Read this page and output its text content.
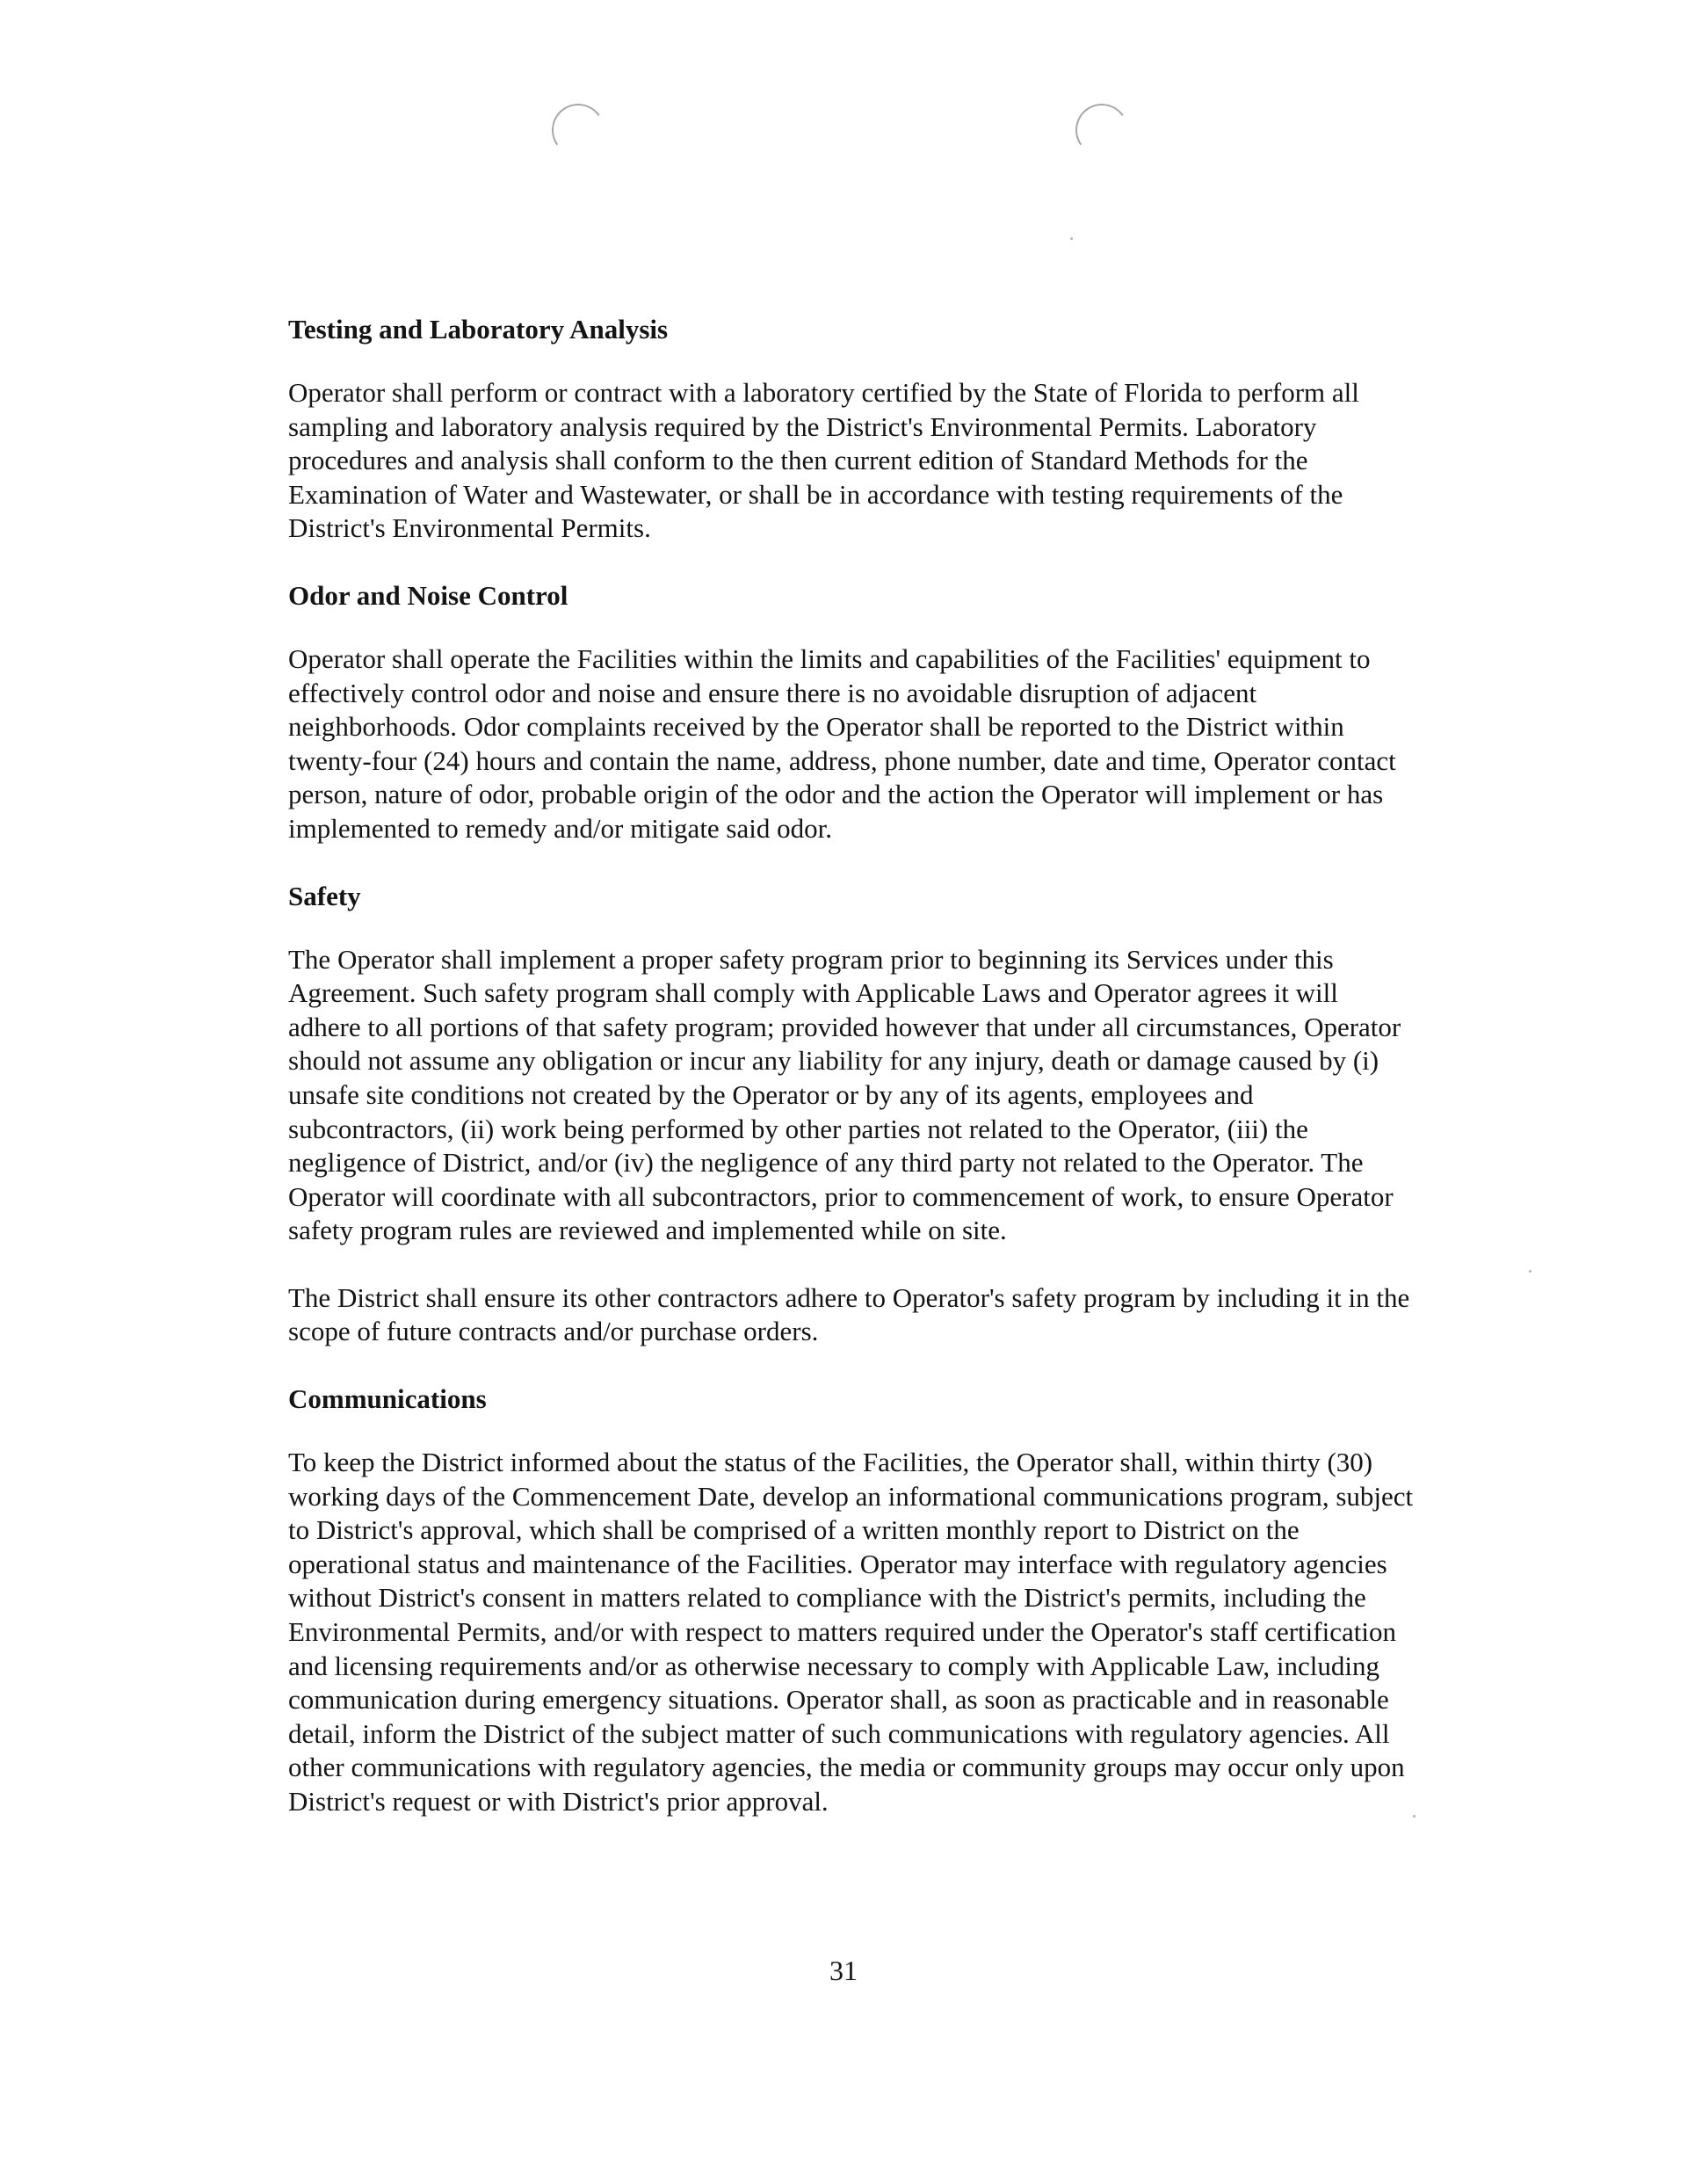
Testing and Laboratory Analysis

Operator shall perform or contract with a laboratory certified by the State of Florida to perform all sampling and laboratory analysis required by the District's Environmental Permits. Laboratory procedures and analysis shall conform to the then current edition of Standard Methods for the Examination of Water and Wastewater, or shall be in accordance with testing requirements of the District's Environmental Permits.

Odor and Noise Control

Operator shall operate the Facilities within the limits and capabilities of the Facilities' equipment to effectively control odor and noise and ensure there is no avoidable disruption of adjacent neighborhoods. Odor complaints received by the Operator shall be reported to the District within twenty-four (24) hours and contain the name, address, phone number, date and time, Operator contact person, nature of odor, probable origin of the odor and the action the Operator will implement or has implemented to remedy and/or mitigate said odor.

Safety

The Operator shall implement a proper safety program prior to beginning its Services under this Agreement. Such safety program shall comply with Applicable Laws and Operator agrees it will adhere to all portions of that safety program; provided however that under all circumstances, Operator should not assume any obligation or incur any liability for any injury, death or damage caused by (i) unsafe site conditions not created by the Operator or by any of its agents, employees and subcontractors, (ii) work being performed by other parties not related to the Operator, (iii) the negligence of District, and/or (iv) the negligence of any third party not related to the Operator. The Operator will coordinate with all subcontractors, prior to commencement of work, to ensure Operator safety program rules are reviewed and implemented while on site.

The District shall ensure its other contractors adhere to Operator's safety program by including it in the scope of future contracts and/or purchase orders.

Communications

To keep the District informed about the status of the Facilities, the Operator shall, within thirty (30) working days of the Commencement Date, develop an informational communications program, subject to District's approval, which shall be comprised of a written monthly report to District on the operational status and maintenance of the Facilities. Operator may interface with regulatory agencies without District's consent in matters related to compliance with the District's permits, including the Environmental Permits, and/or with respect to matters required under the Operator's staff certification and licensing requirements and/or as otherwise necessary to comply with Applicable Law, including communication during emergency situations. Operator shall, as soon as practicable and in reasonable detail, inform the District of the subject matter of such communications with regulatory agencies. All other communications with regulatory agencies, the media or community groups may occur only upon District's request or with District's prior approval.

31
